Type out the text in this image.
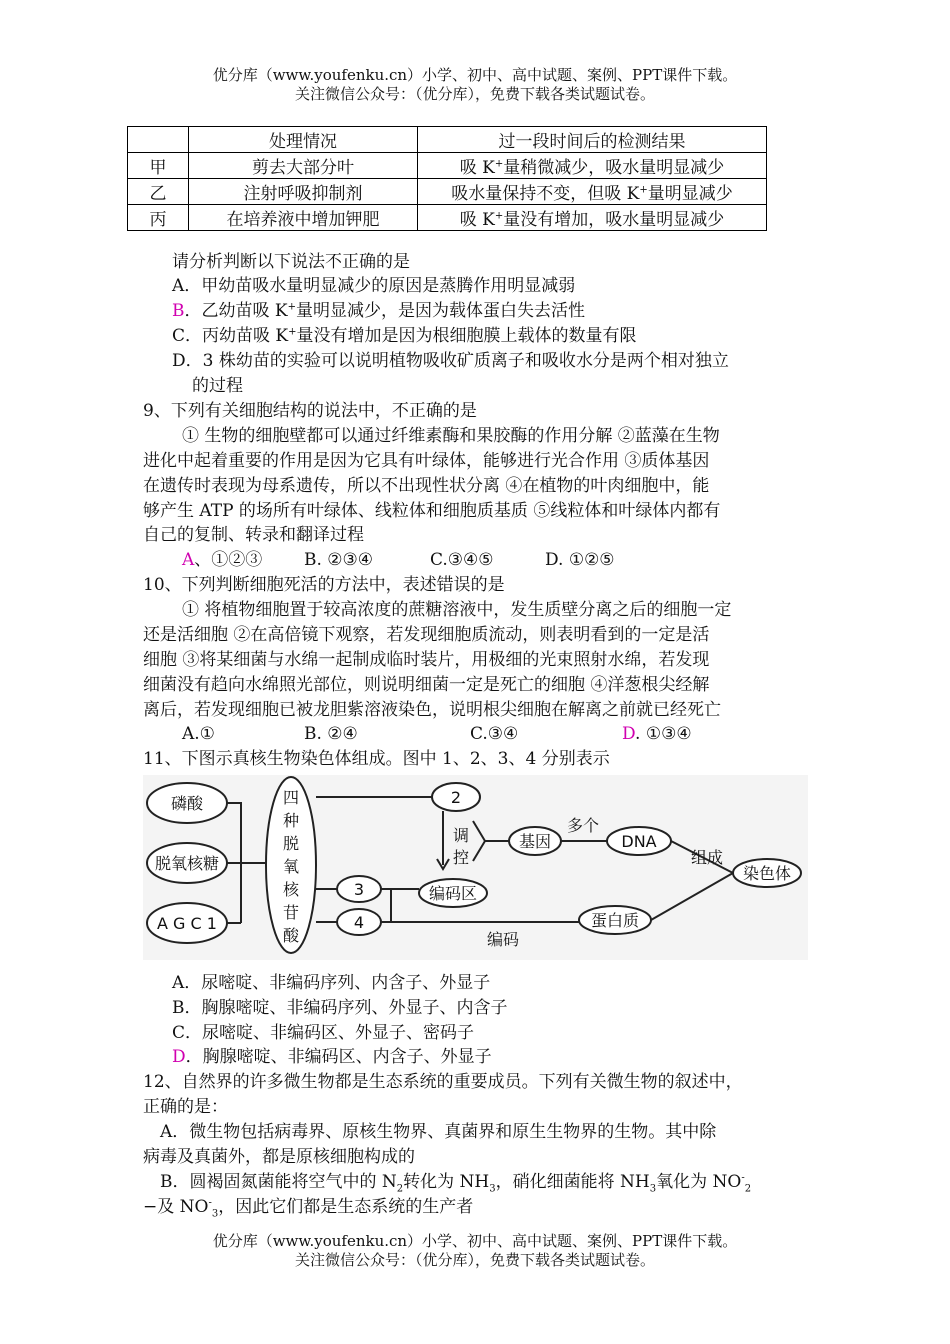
优分库（www.youfenku.cn）小学、初中、高中试题、案例、PPT课件下载。
关注微信公众号：（优分库），免费下载各类试题试卷。
	处理情况	过一段时间后的检测结果
甲	剪去大部分叶	吸 K+量稍微减少，吸水量明显减少
乙	注射呼吸抑制剂	吸水量保持不变，但吸 K+量明显减少
丙	在培养液中增加钾肥	吸 K+量没有增加，吸水量明显减少
请分析判断以下说法不正确的是
A．甲幼苗吸水量明显减少的原因是蒸腾作用明显减弱
B．乙幼苗吸 K+量明显减少，是因为载体蛋白失去活性
C．丙幼苗吸 K+量没有增加是因为根细胞膜上载体的数量有限
D．3 株幼苗的实验可以说明植物吸收矿质离子和吸收水分是两个相对独立
的过程
9、下列有关细胞结构的说法中，不正确的是
① 生物的细胞壁都可以通过纤维素酶和果胶酶的作用分解 ②蓝藻在生物
进化中起着重要的作用是因为它具有叶绿体，能够进行光合作用 ③质体基因
在遗传时表现为母系遗传，所以不出现性状分离 ④在植物的叶肉细胞中，能
够产生 ATP 的场所有叶绿体、线粒体和细胞质基质 ⑤线粒体和叶绿体内都有
自己的复制、转录和翻译过程
A、①②③ B. ②③④	C.③④⑤	D. ①②⑤
10、下列判断细胞死活的方法中，表述错误的是
① 将植物细胞置于较高浓度的蔗糖溶液中，发生质壁分离之后的细胞一定
还是活细胞 ②在高倍镜下观察，若发现细胞质流动，则表明看到的一定是活
细胞 ③将某细菌与水绵一起制成临时装片，用极细的光束照射水绵，若发现
细菌没有趋向水绵照光部位，则说明细菌一定是死亡的细胞 ④洋葱根尖经解
离后，若发现细胞已被龙胆紫溶液染色，说明根尖细胞在解离之前就已经死亡
A.①	B. ②④	C.③④	D. ①③④
11、下图示真核生物染色体组成。图中 1、2、3、4 分别表示
磷酸
脱氧核糖
A G C 1
四
种
脱
氧
核
苷
酸
2
3
4
调
控
基因
多个
DNA
编码区
组成
染色体
蛋白质
编码
A．尿嘧啶、非编码序列、内含子、外显子
B．胸腺嘧啶、非编码序列、外显子、内含子
C．尿嘧啶、非编码区、外显子、密码子
D．胸腺嘧啶、非编码区、内含子、外显子
12、自然界的许多微生物都是生态系统的重要成员。下列有关微生物的叙述中，
正确的是：
A．微生物包括病毒界、原核生物界、真菌界和原生生物界的生物。其中除
病毒及真菌外，都是原核细胞构成的
B．圆褐固氮菌能将空气中的 $N_2$转化为 $NH_3$，硝化细菌能将 $NH_3$氧化为 $NO^-_2$
−及 $NO^-_3$，因此它们都是生态系统的生产者
优分库（www.youfenku.cn）小学、初中、高中试题、案例、PPT课件下载。
关注微信公众号：（优分库），免费下载各类试题试卷。
